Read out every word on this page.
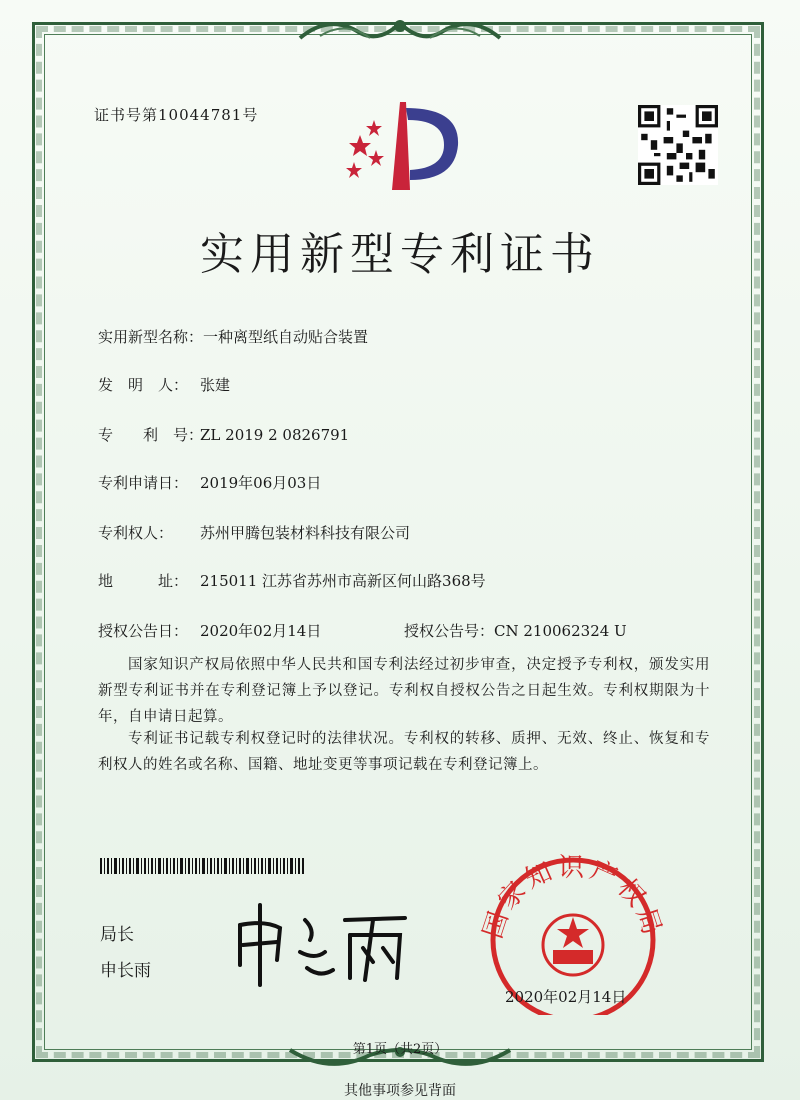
证书号第10044781号
实用新型专利证书
实用新型名称：一种离型纸自动贴合装置
发　明　人： 张建
专　　利　号：ZL 2019 2 0826791
专利申请日： 2019年06月03日
专利权人： 苏州甲腾包装材料科技有限公司
地　　　址： 215011 江苏省苏州市高新区何山路368号
授权公告日： 2020年02月14日	授权公告号：CN 210062324 U
国家知识产权局依照中华人民共和国专利法经过初步审查，决定授予专利权，颁发实用新型专利证书并在专利登记簿上予以登记。专利权自授权公告之日起生效。专利权期限为十年，自申请日起算。
专利证书记载专利权登记时的法律状况。专利权的转移、质押、无效、终止、恢复和专利权人的姓名或名称、国籍、地址变更等事项记载在专利登记簿上。
局长
申长雨
国家知识产权局
2020年02月14日
第1页（共2页）
其他事项参见背面
